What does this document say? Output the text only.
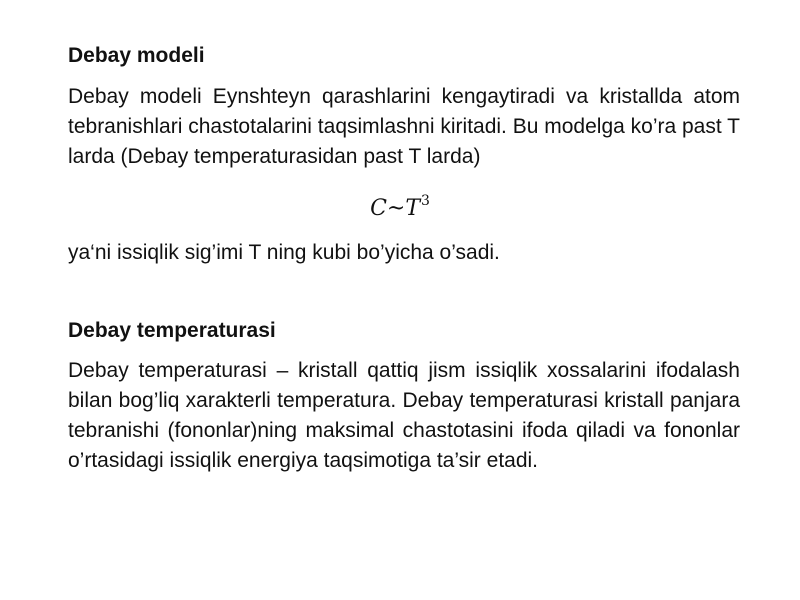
Debay modeli
Debay modeli Eynshteyn qarashlarini kengaytiradi va kristallda atom tebranishlari chastotalarini taqsimlashni kiritadi. Bu modelga ko’ra past T larda (Debay temperaturasidan past T larda)
$C\sim T^3$
ya‘ni issiqlik sig’imi T ning kubi bo’yicha o’sadi.
Debay temperaturasi
Debay temperaturasi – kristall qattiq jism issiqlik xossalarini ifodalash bilan bog’liq xarakterli temperatura. Debay temperaturasi kristall panjara tebranishi (fononlar)ning maksimal chastotasini ifoda qiladi va fononlar o’rtasidagi issiqlik energiya taqsimotiga ta’sir etadi.
